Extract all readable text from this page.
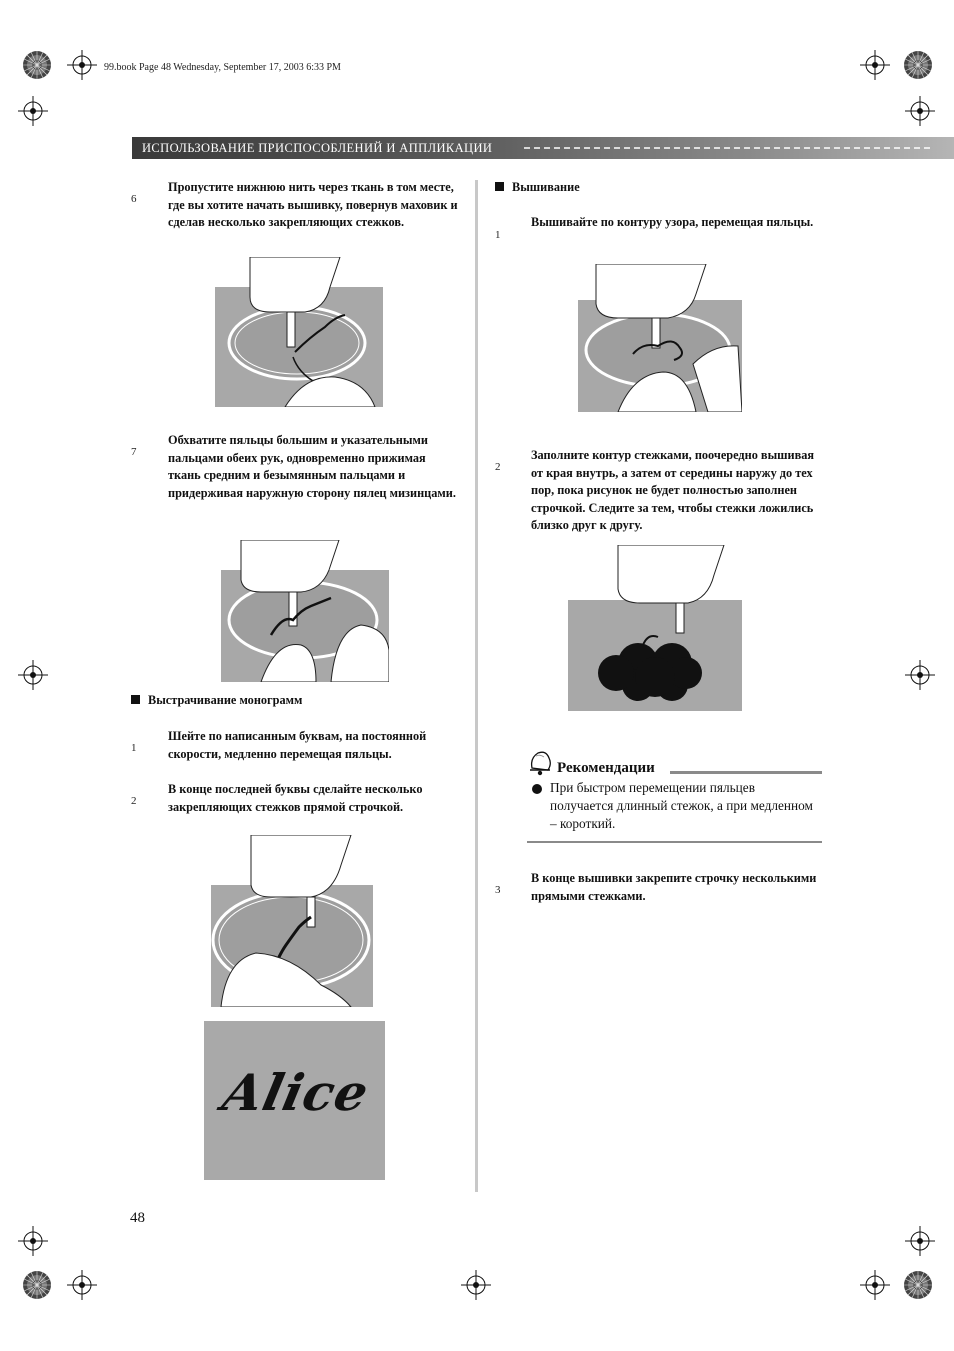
99.book Page 48 Wednesday, September 17, 2003 6:33 PM
ИСПОЛЬЗОВАНИЕ ПРИСПОСОБЛЕНИЙ И АППЛИКАЦИИ
6
Пропустите нижнюю нить через ткань в том месте, где вы хотите начать вышивку, повернув маховик и сделав несколько закрепляющих стежков.
7
Обхватите пяльцы большим и указательными пальцами обеих рук, одновременно прижимая ткань средним и безымянным пальцами и придерживая наружную сторону пялец мизинцами.
Выстрачивание монограмм
1
Шейте по написанным буквам, на постоянной скорости, медленно перемещая пяльцы.
2
В конце последней буквы сделайте несколько закрепляющих стежков прямой строчкой.
Alice
48
Вышивание
1
Вышивайте по контуру узора, перемещая пяльцы.
2
Заполните контур стежками, поочередно вышивая от края внутрь, а затем от середины наружу до тех пор, пока рисунок не будет полностью заполнен строчкой. Следите за тем, чтобы стежки ложились близко друг к другу.
Рекомендации
При быстром перемещении пяльцев получается длинный стежок, а при медленном – короткий.
3
В конце вышивки закрепите строчку несколькими прямыми стежками.
